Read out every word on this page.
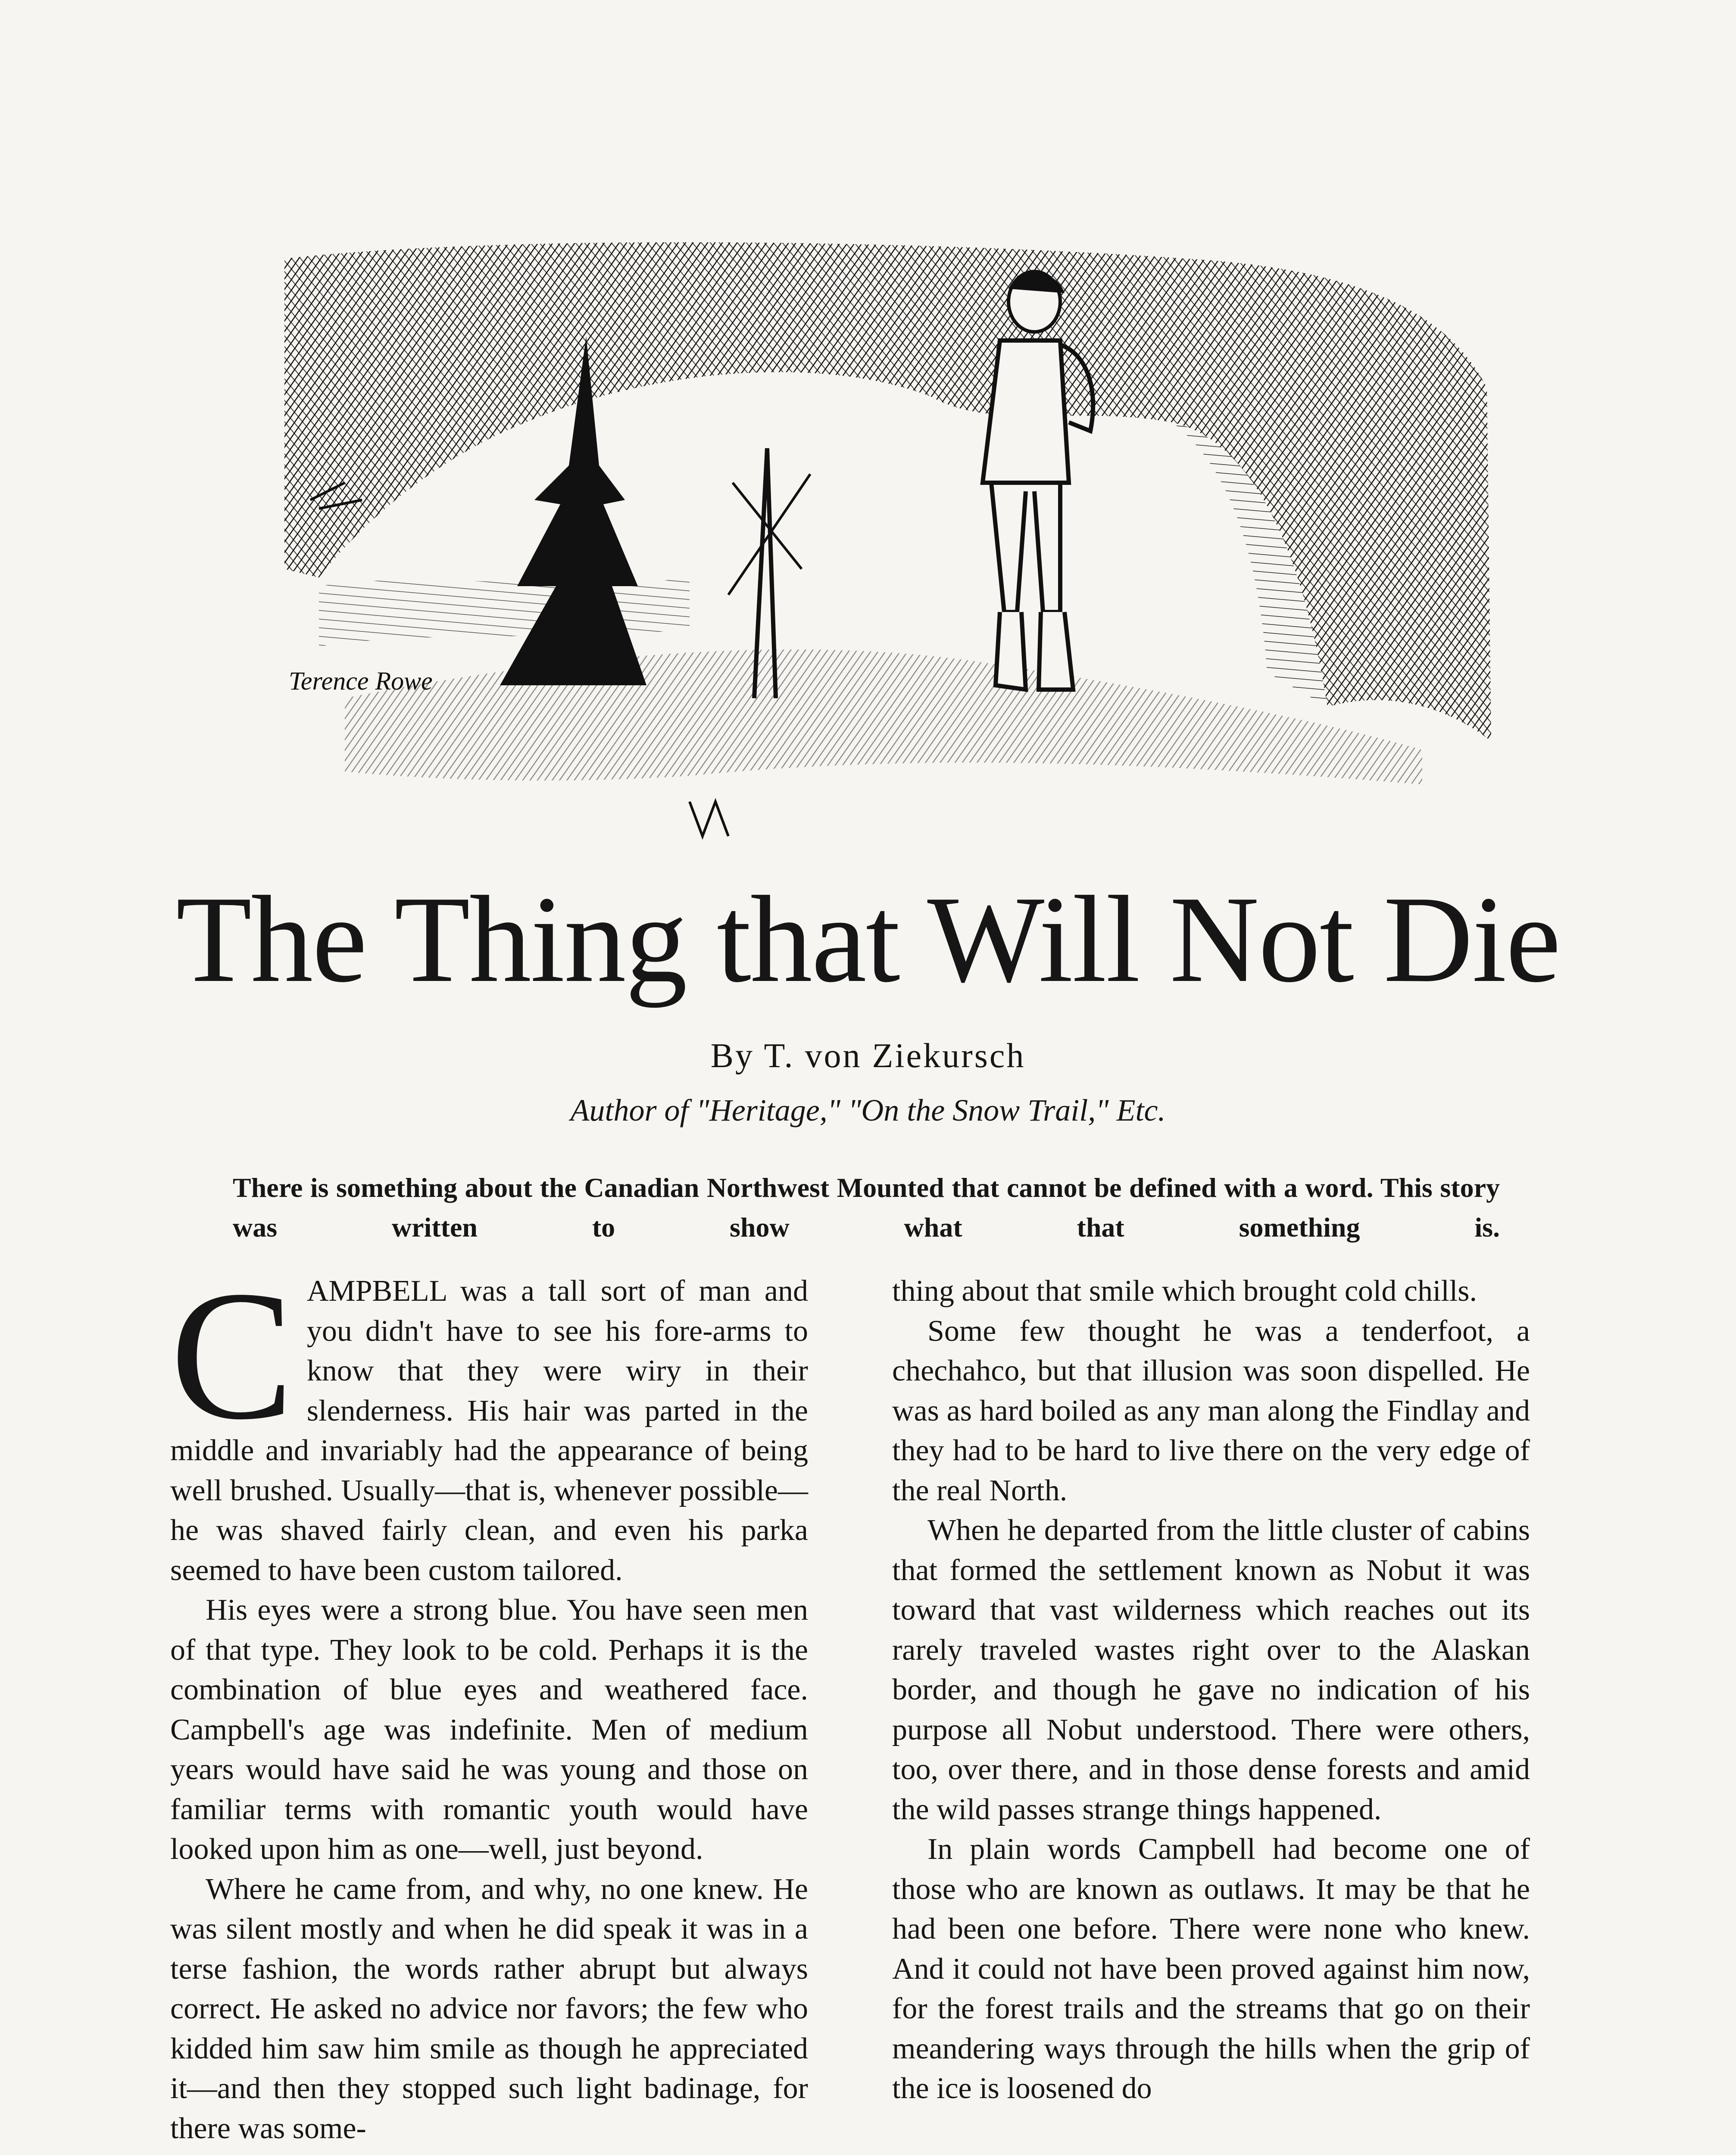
Terence Rowe
The Thing that Will Not Die
By T. von Ziekursch
Author of "Heritage," "On the Snow Trail," Etc.
There is something about the Canadian Northwest Mounted that cannot be defined with a word. This story was written to show what that something is.

CAMPBELL was a tall sort of man and you didn't have to see his fore-arms to know that they were wiry in their slenderness. His hair was parted in the middle and invariably had the appearance of being well brushed. Usually—that is, whenever possible—he was shaved fairly clean, and even his parka seemed to have been custom tailored.

His eyes were a strong blue. You have seen men of that type. They look to be cold. Perhaps it is the combination of blue eyes and weathered face. Campbell's age was indefinite. Men of medium years would have said he was young and those on familiar terms with romantic youth would have looked upon him as one—well, just beyond.

Where he came from, and why, no one knew. He was silent mostly and when he did speak it was in a terse fashion, the words rather abrupt but always correct. He asked no advice nor favors; the few who kidded him saw him smile as though he appreciated it—and then they stopped such light badinage, for there was some-

thing about that smile which brought cold chills.

Some few thought he was a tenderfoot, a chechahco, but that illusion was soon dispelled. He was as hard boiled as any man along the Findlay and they had to be hard to live there on the very edge of the real North.

When he departed from the little cluster of cabins that formed the settlement known as Nobut it was toward that vast wilderness which reaches out its rarely traveled wastes right over to the Alaskan border, and though he gave no indication of his purpose all Nobut understood. There were others, too, over there, and in those dense forests and amid the wild passes strange things happened.

In plain words Campbell had become one of those who are known as outlaws. It may be that he had been one before. There were none who knew. And it could not have been proved against him now, for the forest trails and the streams that go on their meandering ways through the hills when the grip of the ice is loosened do
